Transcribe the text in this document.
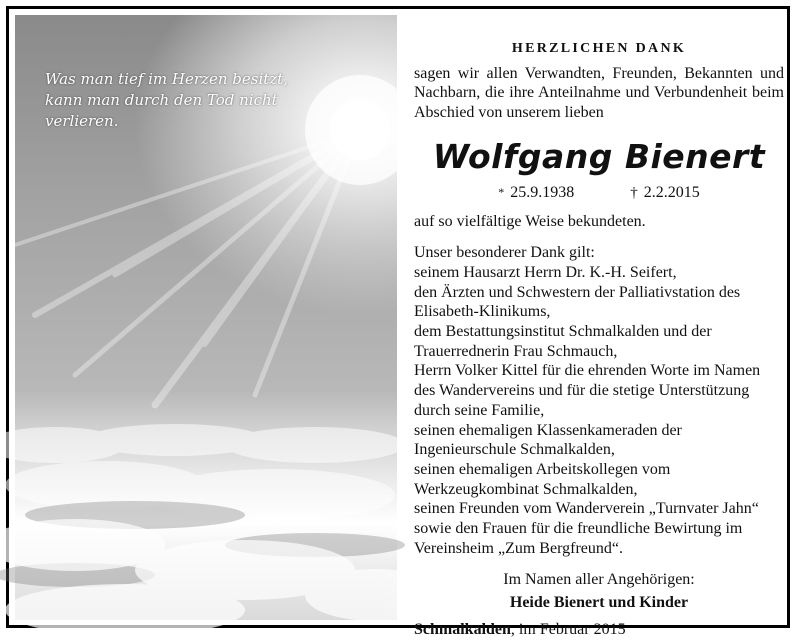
Was man tief im Herzen besitzt,
kann man durch den Tod nicht verlieren.

HERZLICHEN DANK

sagen wir allen Verwandten, Freunden, Bekannten und Nachbarn, die ihre Anteilnahme und Verbundenheit beim Abschied von unserem lieben

Wolfgang Bienert
* 25.9.1938	† 2.2.2015

auf so vielfältige Weise bekundeten.

Unser besonderer Dank gilt:

seinem Hausarzt Herrn Dr. K.-H. Seifert,
den Ärzten und Schwestern der Palliativstation des Elisabeth-Klinikums,
dem Bestattungsinstitut Schmalkalden und der Trauerrednerin Frau Schmauch,
Herrn Volker Kittel für die ehrenden Worte im Namen des Wandervereins und für die stetige Unterstützung durch seine Familie,
seinen ehemaligen Klassenkameraden der Ingenieurschule Schmalkalden,
seinen ehemaligen Arbeitskollegen vom Werkzeugkombinat Schmalkalden,
seinen Freunden vom Wanderverein „Turnvater Jahn“ sowie den Frauen für die freundliche Bewirtung im Vereinsheim „Zum Bergfreund“.
Im Namen aller Angehörigen:
Heide Bienert und Kinder
Schmalkalden, im Februar 2015
